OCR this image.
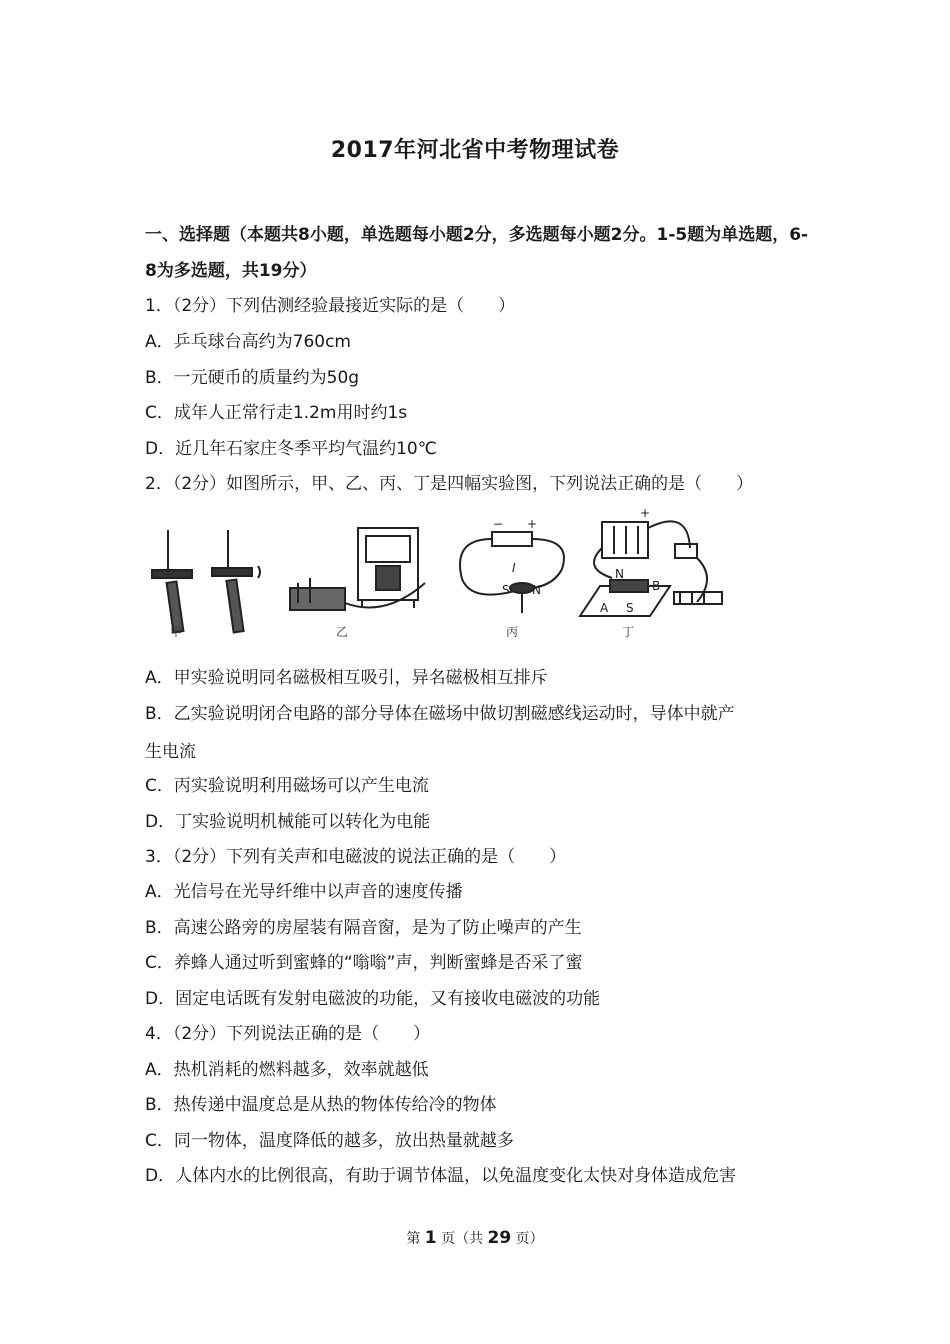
2017年河北省中考物理试卷
一、选择题（本题共8小题，单选题每小题2分，多选题每小题2分。1-5题为单选题，6-8为多选题，共19分）
1．（2分）下列估测经验最接近实际的是（　　）
A．乒乓球台高约为760cm
B．一元硬币的质量约为50g
C．成年人正常行走1.2m用时约1s
D．近几年石家庄冬季平均气温约10℃
2．（2分）如图所示，甲、乙、丙、丁是四幅实验图，下列说法正确的是（　　）
− +
I
S N
N
B
A S
+
甲	乙	丙	丁
A．甲实验说明同名磁极相互吸引，异名磁极相互排斥
B．乙实验说明闭合电路的部分导体在磁场中做切割磁感线运动时，导体中就产
生电流
C．丙实验说明利用磁场可以产生电流
D．丁实验说明机械能可以转化为电能
3．（2分）下列有关声和电磁波的说法正确的是（　　）
A．光信号在光导纤维中以声音的速度传播
B．高速公路旁的房屋装有隔音窗，是为了防止噪声的产生
C．养蜂人通过听到蜜蜂的“嗡嗡”声，判断蜜蜂是否采了蜜
D．固定电话既有发射电磁波的功能，又有接收电磁波的功能
4．（2分）下列说法正确的是（　　）
A．热机消耗的燃料越多，效率就越低
B．热传递中温度总是从热的物体传给冷的物体
C．同一物体，温度降低的越多，放出热量就越多
D．人体内水的比例很高，有助于调节体温，以免温度变化太快对身体造成危害
第 1 页（共 29 页）
